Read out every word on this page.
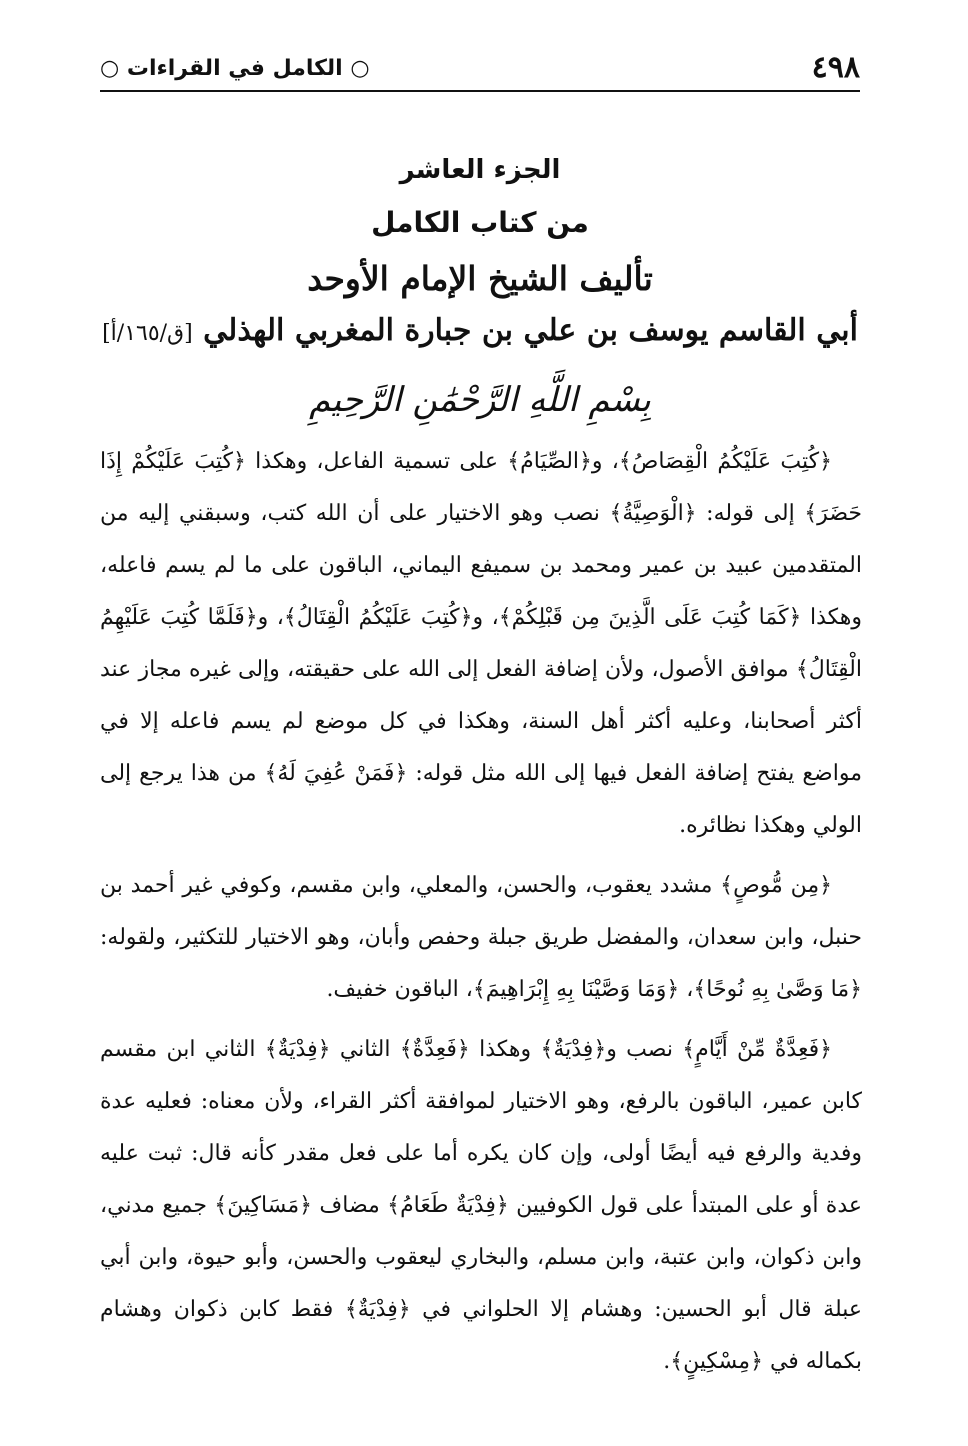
٤٩٨
○ الكامل في القراءات ○

الجزء العاشر

من كتاب الكامل

تأليف الشيخ الإمام الأوحد

أبي القاسم يوسف بن علي بن جبارة المغربي الهذلي [ق/١٦٥/أ]

بِسْمِ اللَّهِ الرَّحْمَٰنِ الرَّحِيمِ

﴿كُتِبَ عَلَيْكُمُ الْقِصَاصُ﴾، و﴿الصِّيَامُ﴾ على تسمية الفاعل، وهكذا ﴿كُتِبَ عَلَيْكُمْ إِذَا حَضَرَ﴾ إلى قوله: ﴿الْوَصِيَّةُ﴾ نصب وهو الاختيار على أن الله كتب، وسبقني إليه من المتقدمين عبيد بن عمير ومحمد بن سميفع اليماني، الباقون على ما لم يسم فاعله، وهكذا ﴿كَمَا كُتِبَ عَلَى الَّذِينَ مِن قَبْلِكُمْ﴾، و﴿كُتِبَ عَلَيْكُمُ الْقِتَالُ﴾، و﴿فَلَمَّا كُتِبَ عَلَيْهِمُ الْقِتَالُ﴾ موافق الأصول، ولأن إضافة الفعل إلى الله على حقيقته، وإلى غيره مجاز عند أكثر أصحابنا، وعليه أكثر أهل السنة، وهكذا في كل موضع لم يسم فاعله إلا في مواضع يفتح إضافة الفعل فيها إلى الله مثل قوله: ﴿فَمَنْ عُفِيَ لَهُ﴾ من هذا يرجع إلى الولي وهكذا نظائره.

﴿مِن مُّوصٍ﴾ مشدد يعقوب، والحسن، والمعلي، وابن مقسم، وكوفي غير أحمد بن حنبل، وابن سعدان، والمفضل طريق جبلة وحفص وأبان، وهو الاختيار للتكثير، ولقوله: ﴿مَا وَصَّىٰ بِهِ نُوحًا﴾، ﴿وَمَا وَصَّيْنَا بِهِ إِبْرَاهِيمَ﴾، الباقون خفيف.

﴿فَعِدَّةٌ مِّنْ أَيَّامٍ﴾ نصب و﴿فِدْيَةٌ﴾ وهكذا ﴿فَعِدَّةٌ﴾ الثاني ﴿فِدْيَةٌ﴾ الثاني ابن مقسم كابن عمير، الباقون بالرفع، وهو الاختيار لموافقة أكثر القراء، ولأن معناه: فعليه عدة وفدية والرفع فيه أيضًا أولى، وإن كان يكره أما على فعل مقدر كأنه قال: ثبت عليه عدة أو على المبتدأ على قول الكوفيين ﴿فِدْيَةٌ طَعَامُ﴾ مضاف ﴿مَسَاكِينَ﴾ جميع مدني، وابن ذكوان، وابن عتبة، وابن مسلم، والبخاري ليعقوب والحسن، وأبو حيوة، وابن أبي عبلة قال أبو الحسين: وهشام إلا الحلواني في ﴿فِدْيَةٌ﴾ فقط كابن ذكوان وهشام بكماله في ﴿مِسْكِينٍ﴾.
